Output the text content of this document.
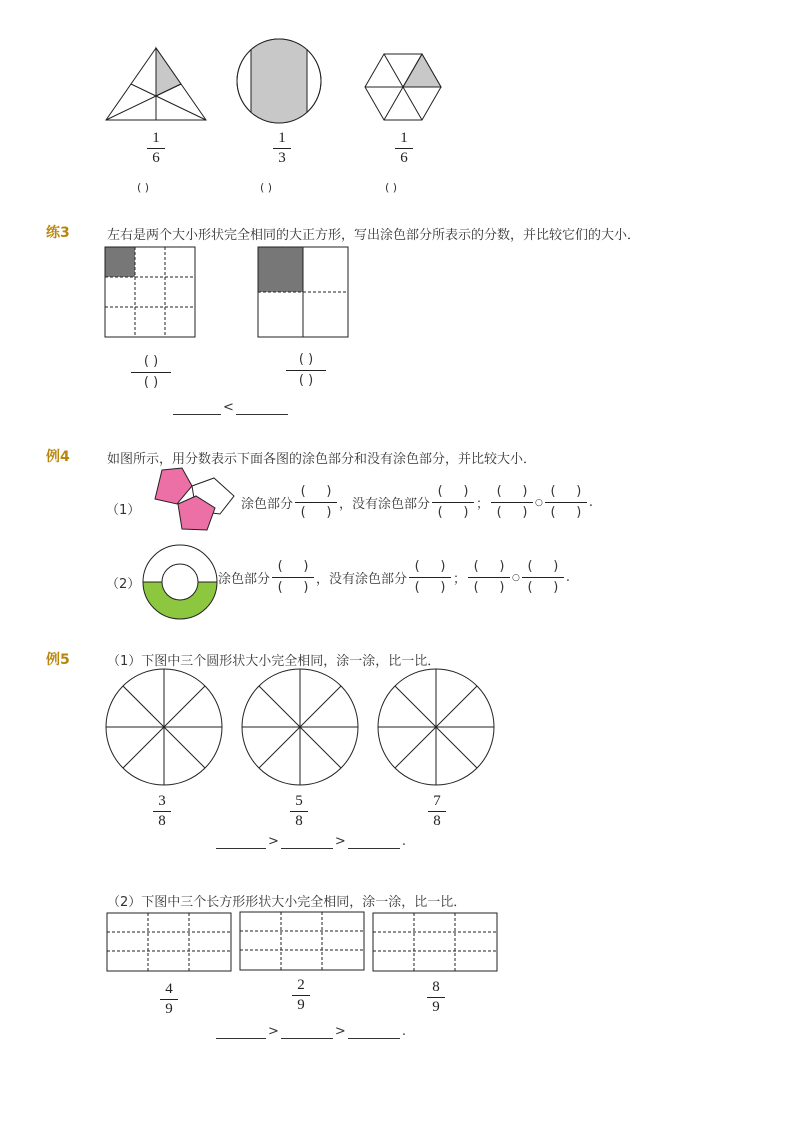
1
6
( )
1
3
( )
1
6
( )
练3	左右是两个大小形状完全相同的大正方形，写出涂色部分所表示的分数，并比较它们的大小．
( )
( )
( )
( )
<
例4	如图所示，用分数表示下面各图的涂色部分和没有涂色部分，并比较大小．
（1）	涂色部分
( )
( )
，没有涂色部分
( )
( )
；
( )
( )
○
( )
( )
.
（2）	涂色部分
( )
( )
，没有涂色部分
( )
( )
；
( )
( )
○
( )
( )
.
例5	（1）下图中三个圆形状大小完全相同，涂一涂，比一比．
3
8
5
8
7
8
>	>	.
（2）下图中三个长方形形状大小完全相同，涂一涂，比一比．
4
9
2
9
8
9
>	>	.
